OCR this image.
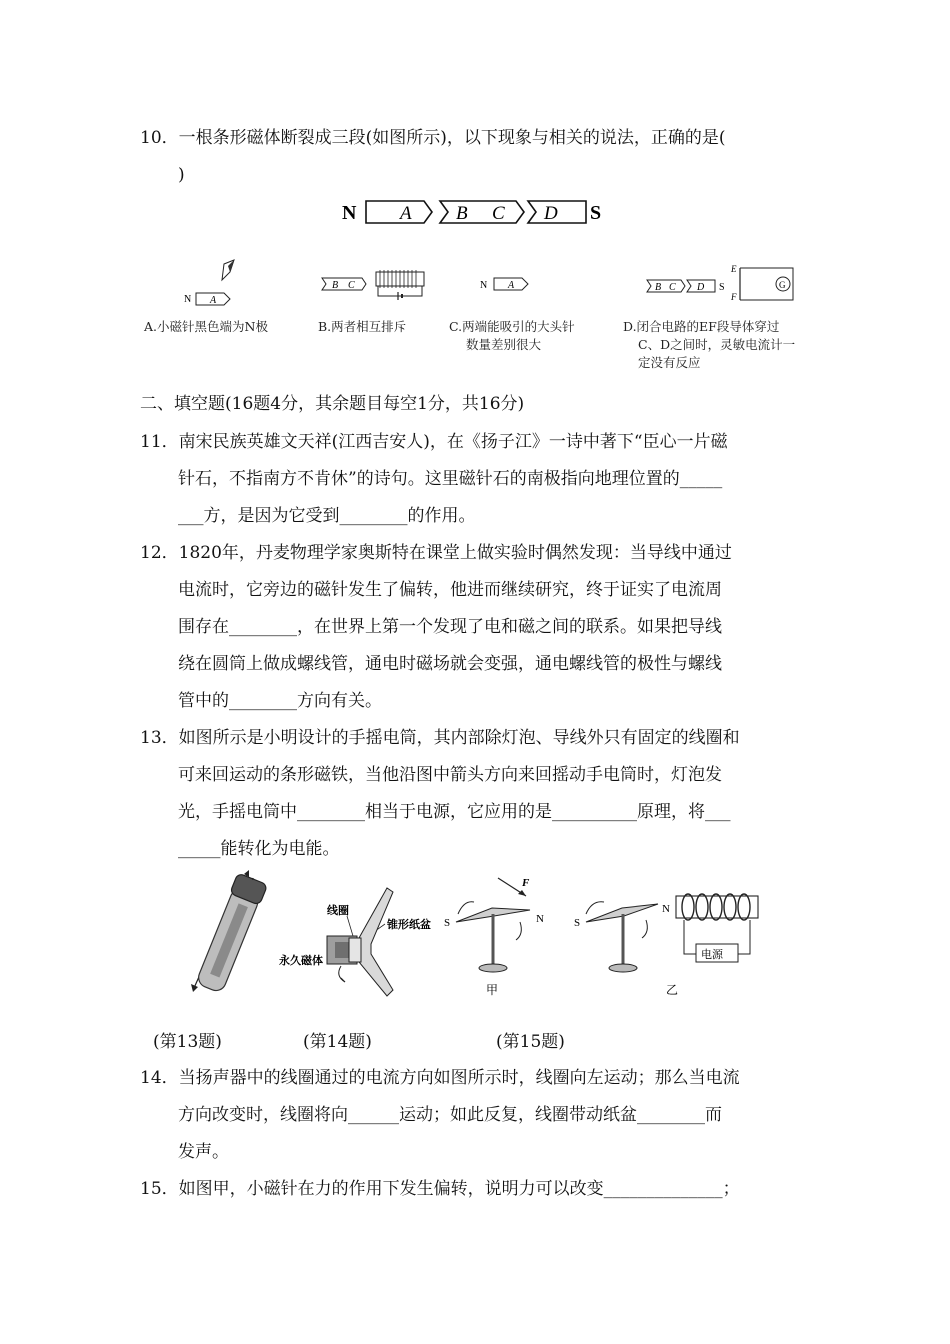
10．一根条形磁体断裂成三段(如图所示)，以下现象与相关的说法，正确的是(
)
N A B C D S
N A
B C	N A	B C D S
E
F
G
A.小磁针黑色端为N极	B.两者相互排斥	C.两端能吸引的大头针
数量差别很大
D.闭合电路的EF段导体穿过
C、D之间时，灵敏电流计一
定没有反应
二、填空题(16题4分，其余题目每空1分，共16分)
11．南宋民族英雄文天祥(江西吉安人)，在《扬子江》一诗中著下“臣心一片磁
针石，不指南方不肯休”的诗句。这里磁针石的南极指向地理位置的_____
___方，是因为它受到________的作用。
12．1820年，丹麦物理学家奥斯特在课堂上做实验时偶然发现：当导线中通过
电流时，它旁边的磁针发生了偏转，他进而继续研究，终于证实了电流周
围存在________，在世界上第一个发现了电和磁之间的联系。如果把导线
绕在圆筒上做成螺线管，通电时磁场就会变强，通电螺线管的极性与螺线
管中的________方向有关。
13．如图所示是小明设计的手摇电筒，其内部除灯泡、导线外只有固定的线圈和
可来回运动的条形磁铁，当他沿图中箭头方向来回摇动手电筒时，灯泡发
光，手摇电筒中________相当于电源，它应用的是__________原理，将___
_____能转化为电能。
线圈
锥形纸盆
永久磁体
S	N
F
甲
S
N
电源
乙
(第13题)	(第14题)	(第15题)
14．当扬声器中的线圈通过的电流方向如图所示时，线圈向左运动；那么当电流
方向改变时，线圈将向______运动；如此反复，线圈带动纸盆________而
发声。
15．如图甲，小磁针在力的作用下发生偏转，说明力可以改变______________；
